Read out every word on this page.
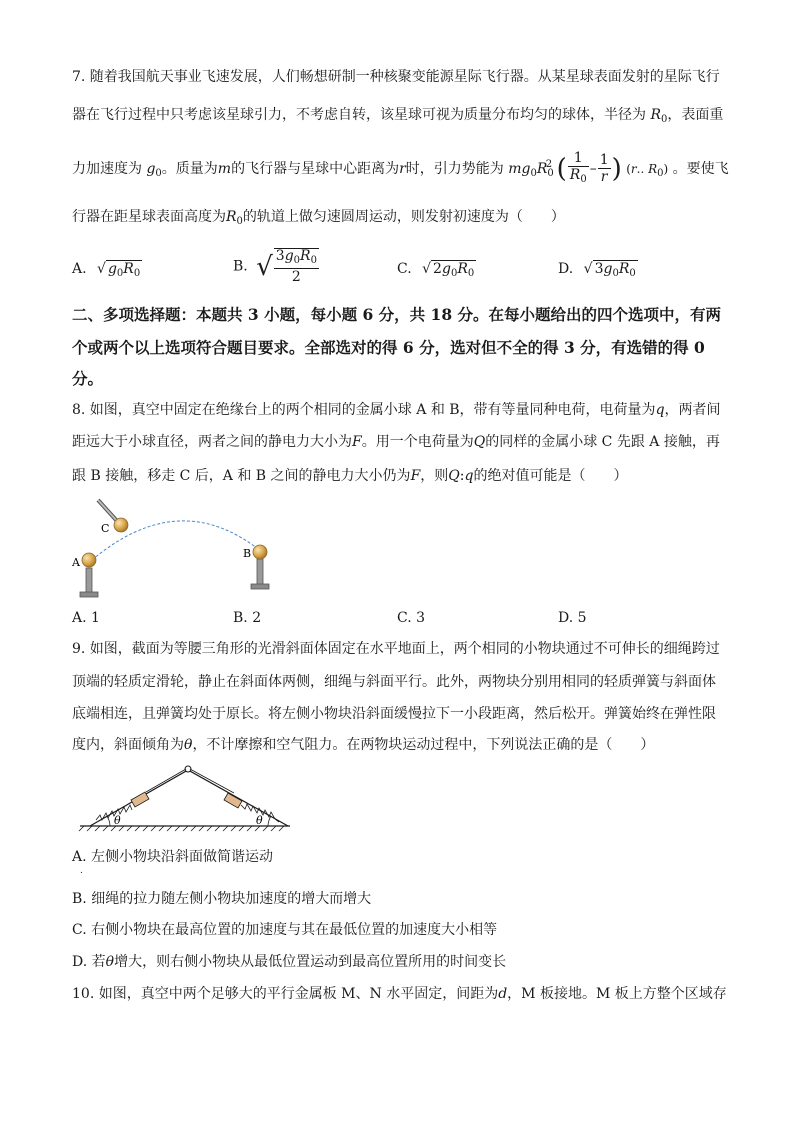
7. 随着我国航天事业飞速发展，人们畅想研制一种核聚变能源星际飞行器。从某星球表面发射的星际飞行
器在飞行过程中只考虑该星球引力，不考虑自转，该星球可视为质量分布均匀的球体，半径为 $R_0$，表面重
力加速度为 $g_0$。质量为m的飞行器与星球中心距离为r时，引力势能为 $mg_0R_0^2$ ( $\frac{1}{R_0} - \frac{1}{r}$ ) (r.. $R_0$) 。要使飞
行器在距星球表面高度为$R_0$的轨道上做匀速圆周运动，则发射初速度为（　　）
A. √ $g_0R_0$	B. √ $\frac{3g_0R_0}{2}$	C. √ $2g_0R_0$	D. √ $3g_0R_0$
二、多项选择题：本题共 3 小题，每小题 6 分，共 18 分。在每小题给出的四个选项中，有两
个或两个以上选项符合题目要求。全部选对的得 6 分，选对但不全的得 3 分，有选错的得 0
分。
8. 如图，真空中固定在绝缘台上的两个相同的金属小球 A 和 B，带有等量同种电荷，电荷量为q，两者间
距远大于小球直径，两者之间的静电力大小为F。用一个电荷量为Q的同样的金属小球 C 先跟 A 接触，再
跟 B 接触，移走 C 后，A 和 B 之间的静电力大小仍为F，则Q:q的绝对值可能是（　　）
A
B
C
A. 1	B. 2	C. 3	D. 5
9. 如图，截面为等腰三角形的光滑斜面体固定在水平地面上，两个相同的小物块通过不可伸长的细绳跨过
顶端的轻质定滑轮，静止在斜面体两侧，细绳与斜面平行。此外，两物块分别用相同的轻质弹簧与斜面体
底端相连，且弹簧均处于原长。将左侧小物块沿斜面缓慢拉下一小段距离，然后松开。弹簧始终在弹性限
度内，斜面倾角为θ，不计摩擦和空气阻力。在两物块运动过程中，下列说法正确的是（　　）
θ	θ
A. 左侧小物块沿斜面做简谐运动
.
B. 细绳的拉力随左侧小物块加速度的增大而增大
C. 右侧小物块在最高位置的加速度与其在最低位置的加速度大小相等
D. 若θ增大，则右侧小物块从最低位置运动到最高位置所用的时间变长
10. 如图，真空中两个足够大的平行金属板 M、N 水平固定，间距为d，M 板接地。M 板上方整个区域存
